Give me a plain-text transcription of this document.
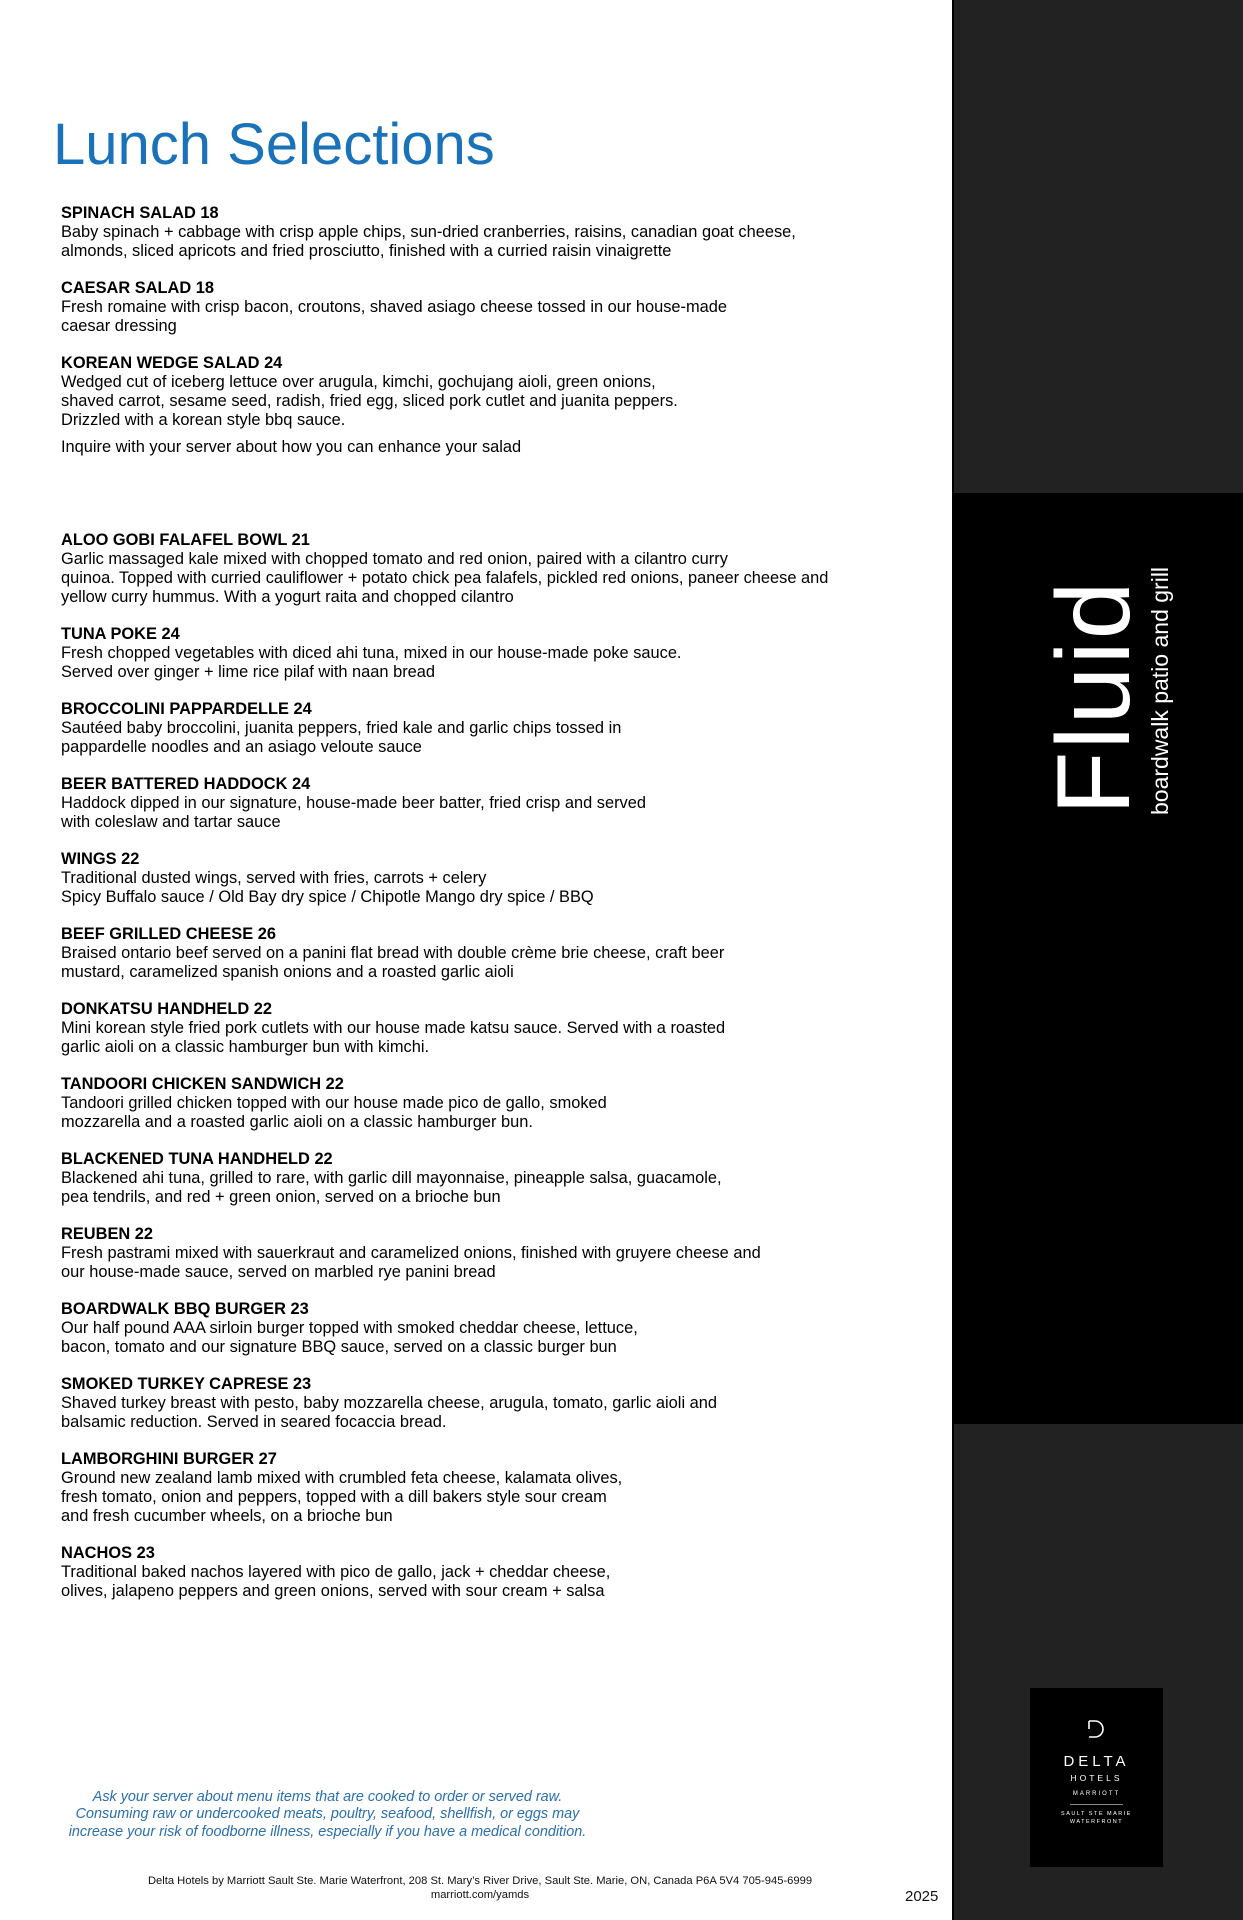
Lunch Selections
SPINACH SALAD 18
Baby spinach + cabbage with crisp apple chips, sun-dried cranberries, raisins, canadian goat cheese,
almonds, sliced apricots and fried prosciutto, finished with a curried raisin vinaigrette
CAESAR SALAD 18
Fresh romaine with crisp bacon, croutons, shaved asiago cheese tossed in our house-made
caesar dressing
KOREAN WEDGE SALAD 24
Wedged cut of iceberg lettuce over arugula, kimchi, gochujang aioli, green onions,
shaved carrot, sesame seed, radish, fried egg, sliced pork cutlet and juanita peppers.
Drizzled with a korean style bbq sauce.
Inquire with your server about how you can enhance your salad
ALOO GOBI FALAFEL BOWL 21
Garlic massaged kale mixed with chopped tomato and red onion, paired with a cilantro curry
quinoa. Topped with curried cauliflower + potato chick pea falafels, pickled red onions, paneer cheese and
yellow curry hummus. With a yogurt raita and chopped cilantro
TUNA POKE 24
Fresh chopped vegetables with diced ahi tuna, mixed in our house-made poke sauce.
Served over ginger + lime rice pilaf with naan bread
BROCCOLINI PAPPARDELLE 24
Sautéed baby broccolini, juanita peppers, fried kale and garlic chips tossed in
pappardelle noodles and an asiago veloute sauce
BEER BATTERED HADDOCK 24
Haddock dipped in our signature, house-made beer batter, fried crisp and served
with coleslaw and tartar sauce
WINGS 22
Traditional dusted wings, served with fries, carrots + celery
Spicy Buffalo sauce / Old Bay dry spice / Chipotle Mango dry spice / BBQ
BEEF GRILLED CHEESE 26
Braised ontario beef served on a panini flat bread with double crème brie cheese, craft beer
mustard, caramelized spanish onions and a roasted garlic aioli
DONKATSU HANDHELD 22
Mini korean style fried pork cutlets with our house made katsu sauce. Served with a roasted
garlic aioli on a classic hamburger bun with kimchi.
TANDOORI CHICKEN SANDWICH 22
Tandoori grilled chicken topped with our house made pico de gallo, smoked
mozzarella and a roasted garlic aioli on a classic hamburger bun.
BLACKENED TUNA HANDHELD 22
Blackened ahi tuna, grilled to rare, with garlic dill mayonnaise, pineapple salsa, guacamole,
pea tendrils, and red + green onion, served on a brioche bun
REUBEN 22
Fresh pastrami mixed with sauerkraut and caramelized onions, finished with gruyere cheese and
our house-made sauce, served on marbled rye panini bread
BOARDWALK BBQ BURGER 23
Our half pound AAA sirloin burger topped with smoked cheddar cheese, lettuce,
bacon, tomato and our signature BBQ sauce, served on a classic burger bun
SMOKED TURKEY CAPRESE 23
Shaved turkey breast with pesto, baby mozzarella cheese, arugula, tomato, garlic aioli and
balsamic reduction. Served in seared focaccia bread.
LAMBORGHINI BURGER 27
Ground new zealand lamb mixed with crumbled feta cheese, kalamata olives,
fresh tomato, onion and peppers, topped with a dill bakers style sour cream
and fresh cucumber wheels, on a brioche bun
NACHOS 23
Traditional baked nachos layered with pico de gallo, jack + cheddar cheese,
olives, jalapeno peppers and green onions, served with sour cream + salsa
Ask your server about menu items that are cooked to order or served raw. Consuming raw or undercooked meats, poultry, seafood, shellfish, or eggs may increase your risk of foodborne illness, especially if you have a medical condition.
Delta Hotels by Marriott Sault Ste. Marie Waterfront, 208 St. Mary’s River Drive, Sault Ste. Marie, ON, Canada P6A 5V4 705-945-6999
marriott.com/yamds	2025
Fluid
boardwalk patio and grill
DELTA
HOTELS
MARRIOTT
SAULT STE MARIE
WATERFRONT
